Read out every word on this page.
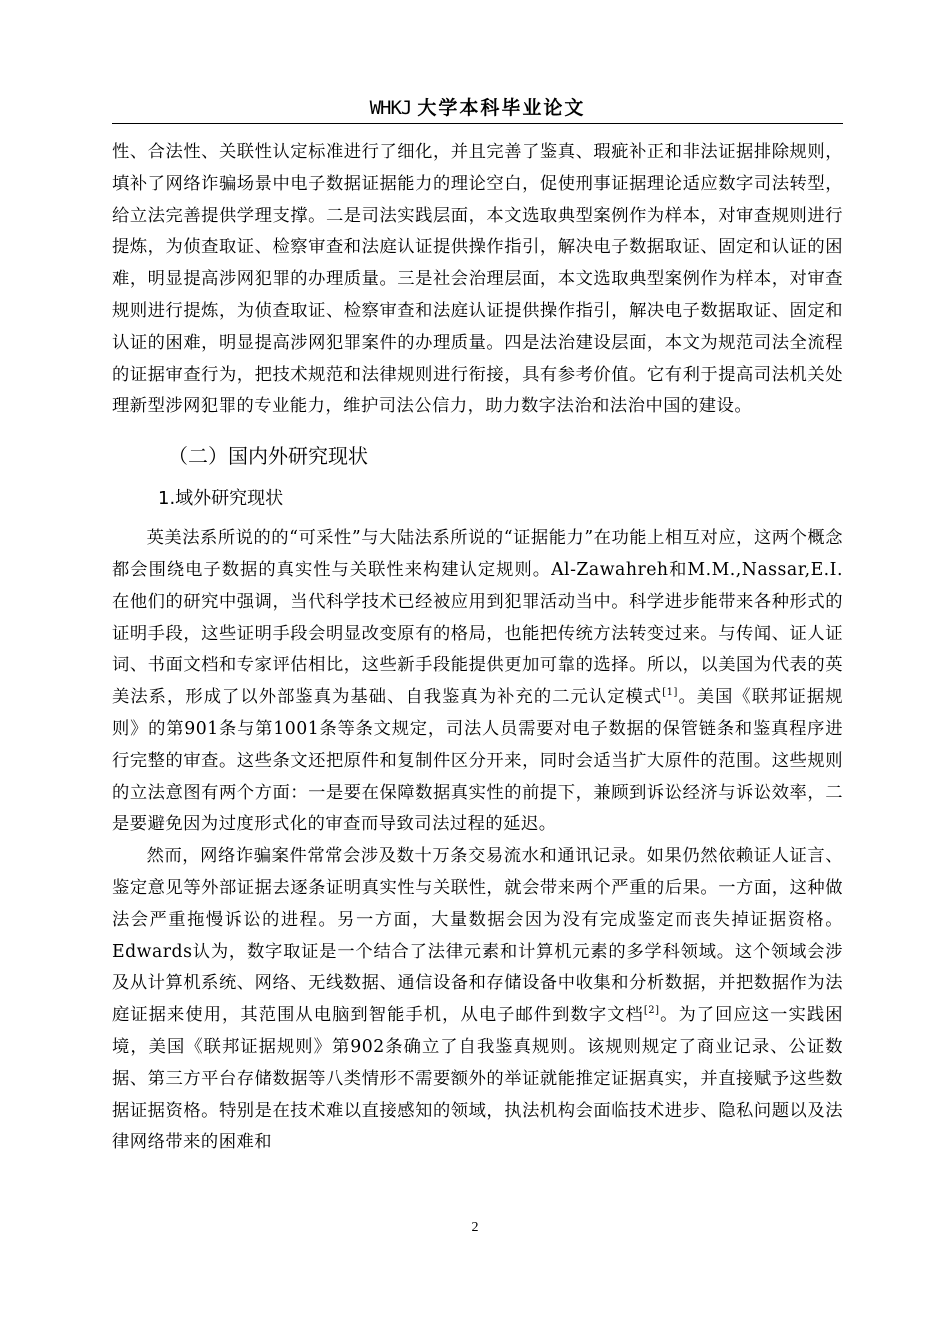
WHKJ 大学本科毕业论文

性、合法性、关联性认定标准进行了细化，并且完善了鉴真、瑕疵补正和非法证据排除规则，填补了网络诈骗场景中电子数据证据能力的理论空白，促使刑事证据理论适应数字司法转型，给立法完善提供学理支撑。二是司法实践层面，本文选取典型案例作为样本，对审查规则进行提炼，为侦查取证、检察审查和法庭认证提供操作指引，解决电子数据取证、固定和认证的困难，明显提高涉网犯罪的办理质量。三是社会治理层面，本文选取典型案例作为样本，对审查规则进行提炼，为侦查取证、检察审查和法庭认证提供操作指引，解决电子数据取证、固定和认证的困难，明显提高涉网犯罪案件的办理质量。四是法治建设层面，本文为规范司法全流程的证据审查行为，把技术规范和法律规则进行衔接，具有参考价值。它有利于提高司法机关处理新型涉网犯罪的专业能力，维护司法公信力，助力数字法治和法治中国的建设。

（二）国内外研究现状
1.域外研究现状

英美法系所说的的“可采性”与大陆法系所说的“证据能力”在功能上相互对应，这两个概念都会围绕电子数据的真实性与关联性来构建认定规则。Al-Zawahreh和M.M.,Nassar,E.I.在他们的研究中强调，当代科学技术已经被应用到犯罪活动当中。科学进步能带来各种形式的证明手段，这些证明手段会明显改变原有的格局，也能把传统方法转变过来。与传闻、证人证词、书面文档和专家评估相比，这些新手段能提供更加可靠的选择。所以，以美国为代表的英美法系，形成了以外部鉴真为基础、自我鉴真为补充的二元认定模式[1]。美国《联邦证据规则》的第901条与第1001条等条文规定，司法人员需要对电子数据的保管链条和鉴真程序进行完整的审查。这些条文还把原件和复制件区分开来，同时会适当扩大原件的范围。这些规则的立法意图有两个方面：一是要在保障数据真实性的前提下，兼顾到诉讼经济与诉讼效率，二是要避免因为过度形式化的审查而导致司法过程的延迟。

然而，网络诈骗案件常常会涉及数十万条交易流水和通讯记录。如果仍然依赖证人证言、鉴定意见等外部证据去逐条证明真实性与关联性，就会带来两个严重的后果。一方面，这种做法会严重拖慢诉讼的进程。另一方面，大量数据会因为没有完成鉴定而丧失掉证据资格。Edwards认为，数字取证是一个结合了法律元素和计算机元素的多学科领域。这个领域会涉及从计算机系统、网络、无线数据、通信设备和存储设备中收集和分析数据，并把数据作为法庭证据来使用，其范围从电脑到智能手机，从电子邮件到数字文档[2]。为了回应这一实践困境，美国《联邦证据规则》第902条确立了自我鉴真规则。该规则规定了商业记录、公证数据、第三方平台存储数据等八类情形不需要额外的举证就能推定证据真实，并直接赋予这些数据证据资格。特别是在技术难以直接感知的领域，执法机构会面临技术进步、隐私问题以及法律网络带来的困难和

2
